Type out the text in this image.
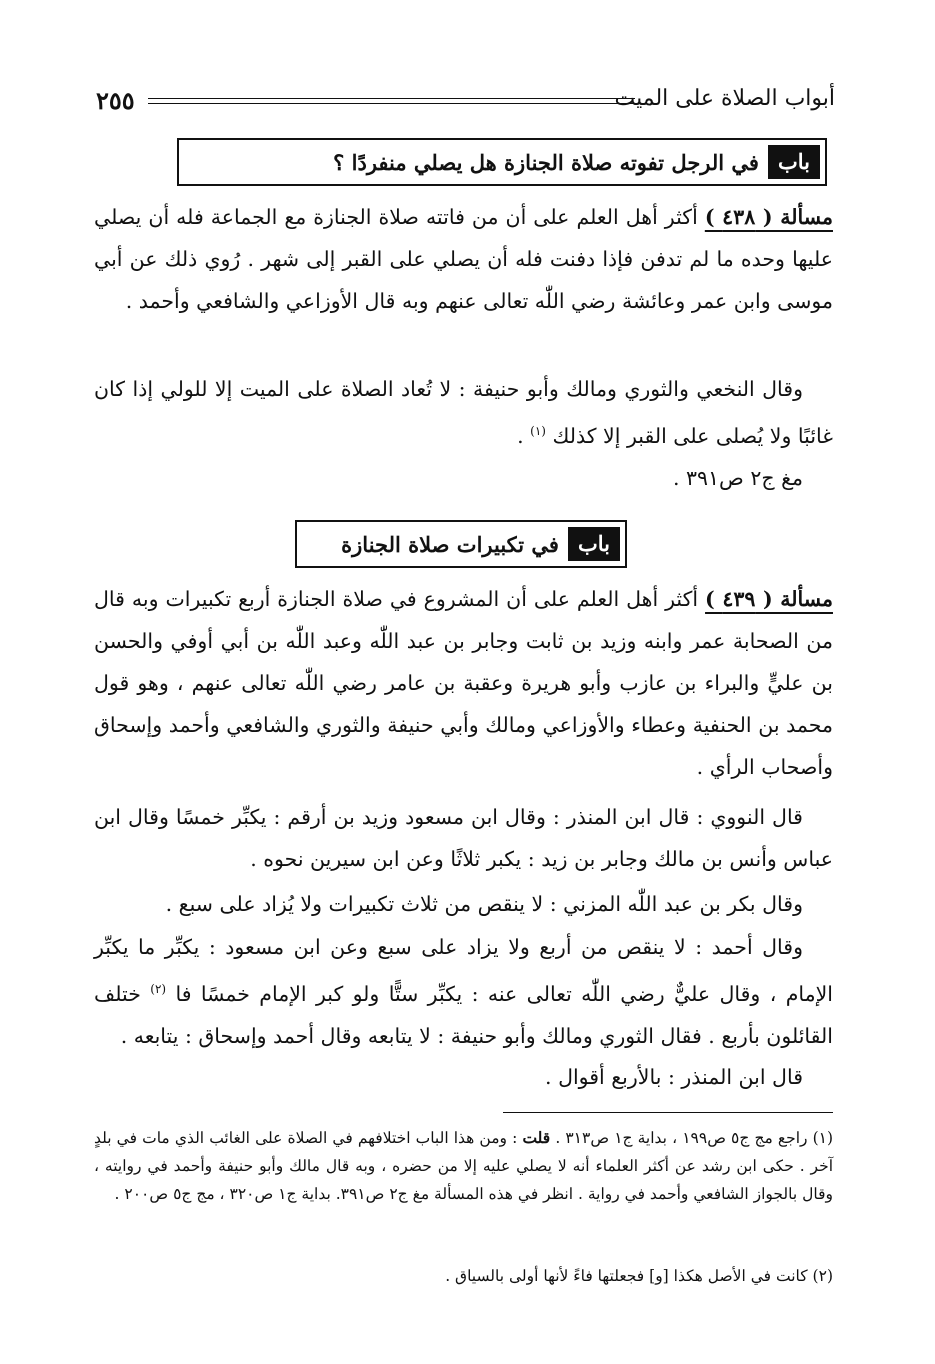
أبواب الصلاة على الميت
٢٥٥
باب
في الرجل تفوته صلاة الجنازة هل يصلي منفردًا ؟

مسألة ( ٤٣٨ ) أكثر أهل العلم على أن من فاتته صلاة الجنازة مع الجماعة فله أن يصلي عليها وحده ما لم تدفن فإذا دفنت فله أن يصلي على القبر إلى شهر . رُوي ذلك عن أبي موسى وابن عمر وعائشة رضي اللّٰه تعالى عنهم وبه قال الأوزاعي والشافعي وأحمد .

وقال النخعي والثوري ومالك وأبو حنيفة : لا تُعاد الصلاة على الميت إلا للولي إذا كان غائبًا ولا يُصلى على القبر إلا كذلك $^{(١)}$ .

مغ ج٢ ص٣٩١ .

باب
في تكبيرات صلاة الجنازة

مسألة ( ٤٣٩ ) أكثر أهل العلم على أن المشروع في صلاة الجنازة أربع تكبيرات وبه قال من الصحابة عمر وابنه وزيد بن ثابت وجابر بن عبد اللّٰه وعبد اللّٰه بن أبي أوفي والحسن بن عليٍّ والبراء بن عازب وأبو هريرة وعقبة بن عامر رضي اللّٰه تعالى عنهم ، وهو قول محمد بن الحنفية وعطاء والأوزاعي ومالك وأبي حنيفة والثوري والشافعي وأحمد وإسحاق وأصحاب الرأي .

قال النووي : قال ابن المنذر : وقال ابن مسعود وزيد بن أرقم : يكبِّر خمسًا وقال ابن عباس وأنس بن مالك وجابر بن زيد : يكبر ثلاثًا وعن ابن سيرين نحوه .

وقال بكر بن عبد اللّٰه المزني : لا ينقص من ثلاث تكبيرات ولا يُزاد على سبع .

وقال أحمد : لا ينقص من أربع ولا يزاد على سبع وعن ابن مسعود : يكبِّر ما يكبِّر الإمام ، وقال عليٌّ رضي اللّٰه تعالى عنه : يكبِّر ستًّا ولو كبر الإمام خمسًا فا $^{(٢)}$ ختلف القائلون بأربع . فقال الثوري ومالك وأبو حنيفة : لا يتابعه وقال أحمد وإسحاق : يتابعه .

قال ابن المنذر : بالأربع أقوال .

(١) راجع مج ج٥ ص١٩٩ ، بداية ج١ ص٣١٣ . قلت : ومن هذا الباب اختلافهم في الصلاة على الغائب الذي مات في بلدٍ آخر . حكى ابن رشد عن أكثر العلماء أنه لا يصلي عليه إلا من حضره ، وبه قال مالك وأبو حنيفة وأحمد في روايته ، وقال بالجواز الشافعي وأحمد في رواية . انظر في هذه المسألة مغ ج٢ ص٣٩١. بداية ج١ ص٣٢٠ ، مج ج٥ ص٢٠٠ .

(٢) كانت في الأصل هكذا [و] فجعلتها فاءً لأنها أولى بالسياق .
